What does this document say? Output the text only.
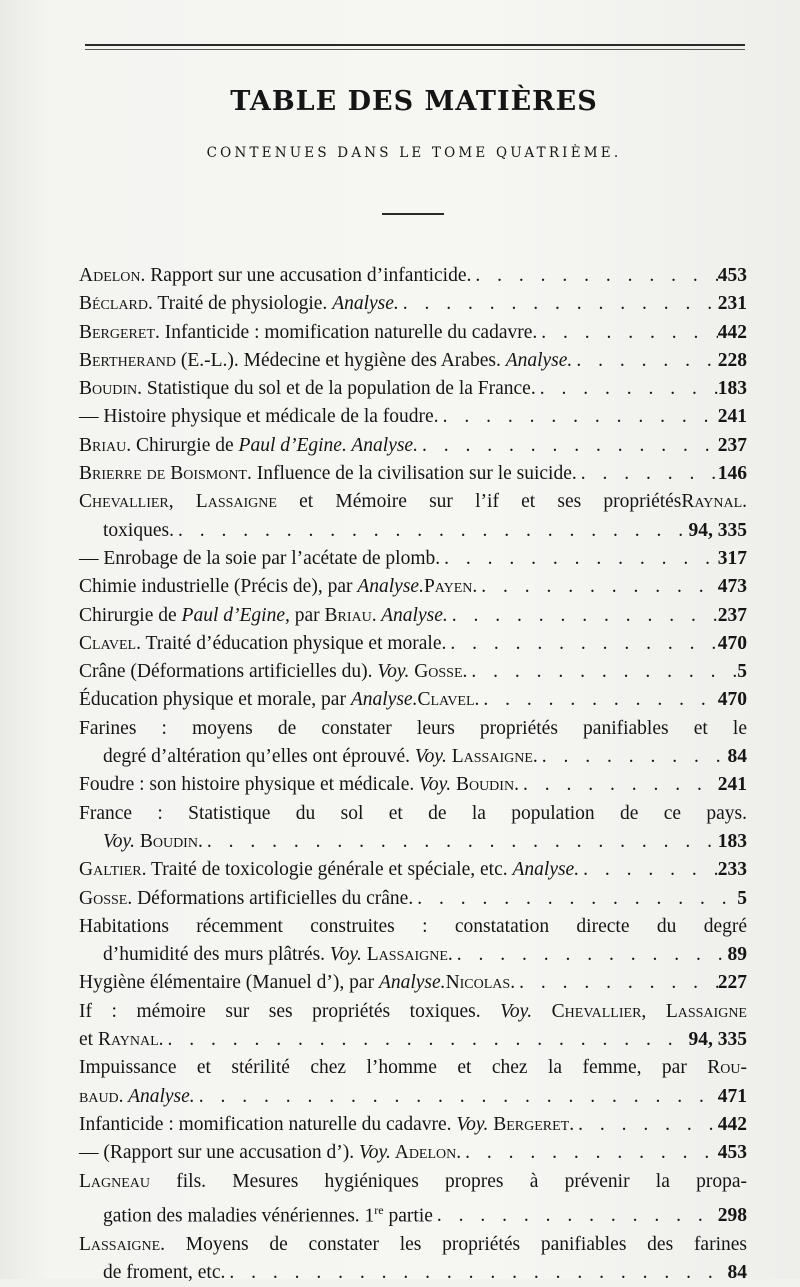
TABLE DES MATIÈRES
CONTENUES DANS LE TOME QUATRIÈME.
Adelon. Rapport sur une accusation d’infanticide. . . .	453
Béclard. Traité de physiologie. Analyse. . . .	231
Bergeret. Infanticide : momification naturelle du cadavre. . . .	442
Bertherand (E.-L.). Médecine et hygiène des Arabes. Analyse. . . .	228
Boudin. Statistique du sol et de la population de la France. . . .	183
— Histoire physique et médicale de la foudre. . . .	241
Briau. Chirurgie de Paul d’Egine. Analyse. . . .	237
Brierre de Boismont. Influence de la civilisation sur le suicide. . . .	146
Chevallier, Lassaigne et Mémoire sur l’if et ses propriétésRaynal.
toxiques. . . .	94, 335
— Enrobage de la soie par l’acétate de plomb. . . .	317
Chimie industrielle (Précis de), par Analyse.Payen. . . .	473
Chirurgie de Paul d’Egine, par Briau. Analyse. . . .	237
Clavel. Traité d’éducation physique et morale. . . .	470
Crâne (Déformations artificielles du). Voy. Gosse. . . .	5
Éducation physique et morale, par Analyse.Clavel. . . .	470
Farines : moyens de constater leurs propriétés panifiables et le
degré d’altération qu’elles ont éprouvé. Voy. Lassaigne. . . .	84
Foudre : son histoire physique et médicale. Voy. Boudin. . . .	241
France : Statistique du sol et de la population de ce pays.
Voy. Boudin. . . .	183
Galtier. Traité de toxicologie générale et spéciale, etc. Analyse. . . .	233
Gosse. Déformations artificielles du crâne. . . .	5
Habitations récemment construites : constatation directe du degré
d’humidité des murs plâtrés. Voy. Lassaigne. . . .	89
Hygiène élémentaire (Manuel d’), par Analyse.Nicolas. . . .	227
If : mémoire sur ses propriétés toxiques. Voy. Chevallier, Lassaigne
et Raynal. . . .	94, 335
Impuissance et stérilité chez l’homme et chez la femme, par Rou-
baud. Analyse. . . .	471
Infanticide : momification naturelle du cadavre. Voy. Bergeret. . . .	442
— (Rapport sur une accusation d’). Voy. Adelon. . . .	453
Lagneau fils. Mesures hygiéniques propres à prévenir la propa-
gation des maladies vénériennes. 1re partie . . .	298
Lassaigne. Moyens de constater les propriétés panifiables des farines
de froment, etc. . . .	84
